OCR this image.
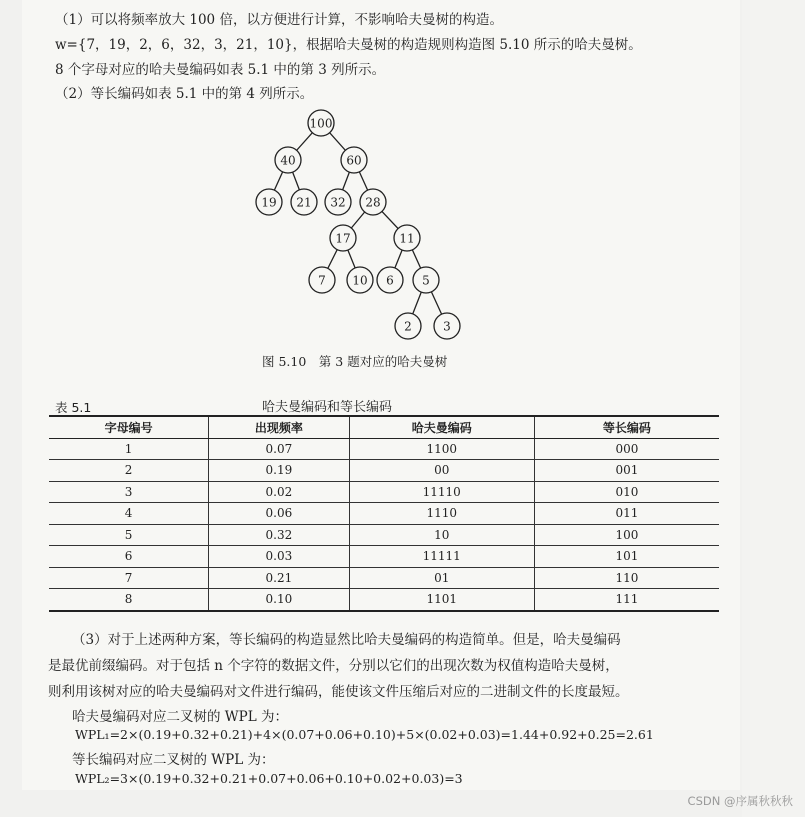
（1）可以将频率放大 100 倍，以方便进行计算，不影响哈夫曼树的构造。
w={7，19，2，6，32，3，21，10}，根据哈夫曼树的构造规则构造图 5.10 所示的哈夫曼树。
8 个字母对应的哈夫曼编码如表 5.1 中的第 3 列所示。
（2）等长编码如表 5.1 中的第 4 列所示。
100
40	60
19 21 32 28
17	11
7 10 6 5
2	3
图 5.10　第 3 题对应的哈夫曼树
表 5.1	哈夫曼编码和等长编码
字母编号	出现频率	哈夫曼编码	等长编码
1	0.07	1100	000
2	0.19	00	001
3	0.02	11110	010
4	0.06	1110	011
5	0.32	10	100
6	0.03	11111	101
7	0.21	01	110
8	0.10	1101	111
（3）对于上述两种方案，等长编码的构造显然比哈夫曼编码的构造简单。但是，哈夫曼编码
是最优前缀编码。对于包括 n 个字符的数据文件，分别以它们的出现次数为权值构造哈夫曼树，
则利用该树对应的哈夫曼编码对文件进行编码，能使该文件压缩后对应的二进制文件的长度最短。
哈夫曼编码对应二叉树的 WPL 为：
WPL₁=2×(0.19+0.32+0.21)+4×(0.07+0.06+0.10)+5×(0.02+0.03)=1.44+0.92+0.25=2.61
等长编码对应二叉树的 WPL 为：
WPL₂=3×(0.19+0.32+0.21+0.07+0.06+0.10+0.02+0.03)=3
CSDN @序属秋秋秋
